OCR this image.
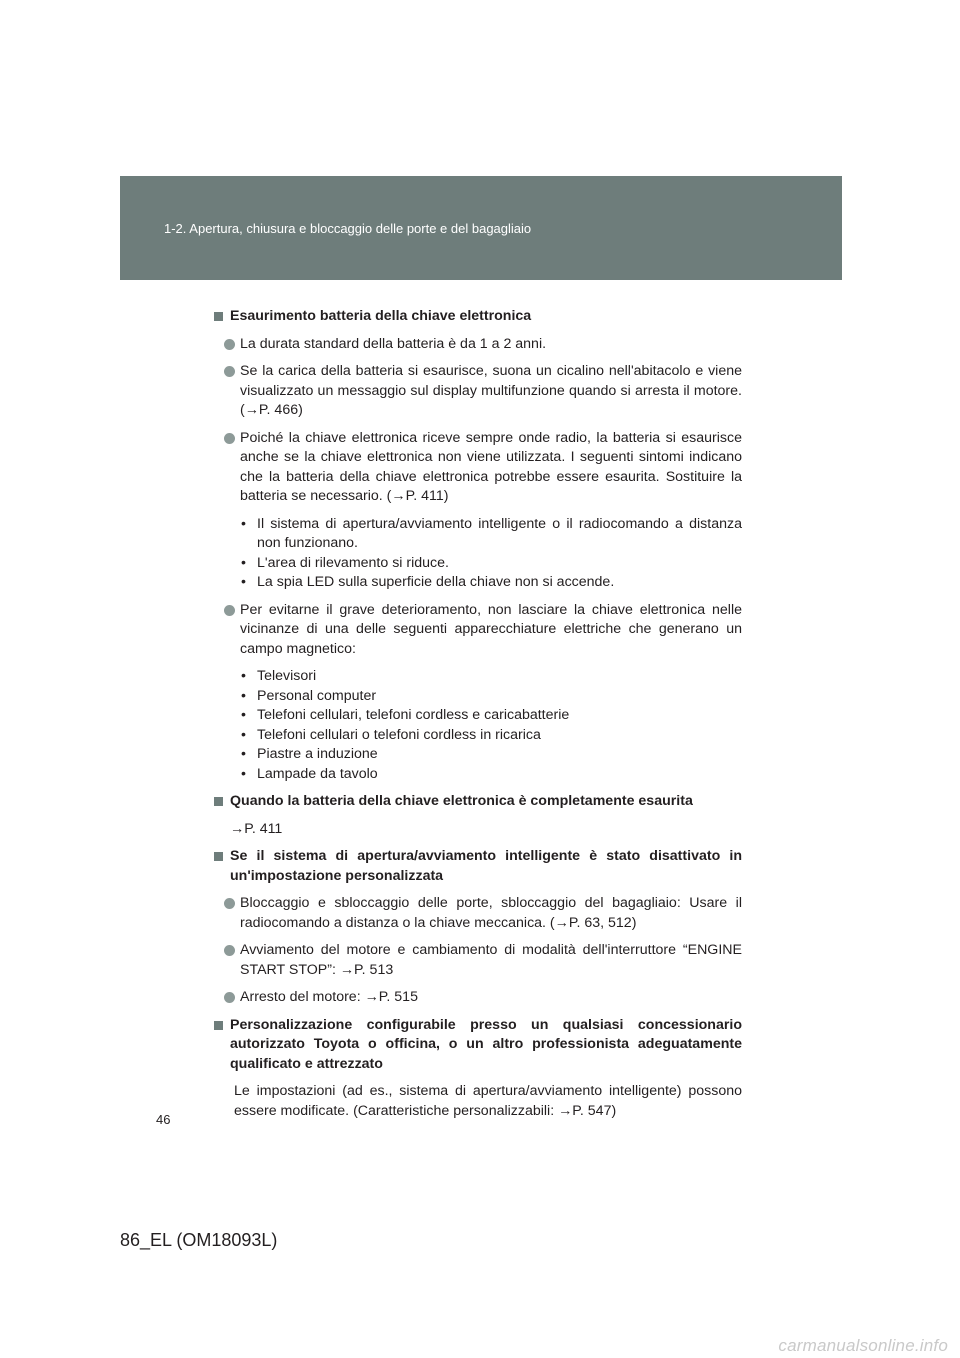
1-2. Apertura, chiusura e bloccaggio delle porte e del bagagliaio

Esaurimento batteria della chiave elettronica

La durata standard della batteria è da 1 a 2 anni.

Se la carica della batteria si esaurisce, suona un cicalino nell'abitacolo e viene visualizzato un messaggio sul display multifunzione quando si arresta il motore. (→P. 466)

Poiché la chiave elettronica riceve sempre onde radio, la batteria si esaurisce anche se la chiave elettronica non viene utilizzata. I seguenti sintomi indicano che la batteria della chiave elettronica potrebbe essere esaurita. Sostituire la batteria se necessario. (→P. 411)

• Il sistema di apertura/avviamento intelligente o il radiocomando a distanza non funzionano.
• L'area di rilevamento si riduce.
• La spia LED sulla superficie della chiave non si accende.

Per evitarne il grave deterioramento, non lasciare la chiave elettronica nelle vicinanze di una delle seguenti apparecchiature elettriche che generano un campo magnetico:

• Televisori
• Personal computer
• Telefoni cellulari, telefoni cordless e caricabatterie
• Telefoni cellulari o telefoni cordless in ricarica
• Piastre a induzione
• Lampade da tavolo

Quando la batteria della chiave elettronica è completamente esaurita

→P. 411

Se il sistema di apertura/avviamento intelligente è stato disattivato in un'impostazione personalizzata

Bloccaggio e sbloccaggio delle porte, sbloccaggio del bagagliaio: Usare il radiocomando a distanza o la chiave meccanica. (→P. 63, 512)

Avviamento del motore e cambiamento di modalità dell'interruttore “ENGINE START STOP”: →P. 513

Arresto del motore: →P. 515

Personalizzazione configurabile presso un qualsiasi concessionario autorizzato Toyota o officina, o un altro professionista adeguatamente qualificato e attrezzato

Le impostazioni (ad es., sistema di apertura/avviamento intelligente) possono essere modificate. (Caratteristiche personalizzabili: →P. 547)

46
86_EL (OM18093L)
carmanualsonline.info
